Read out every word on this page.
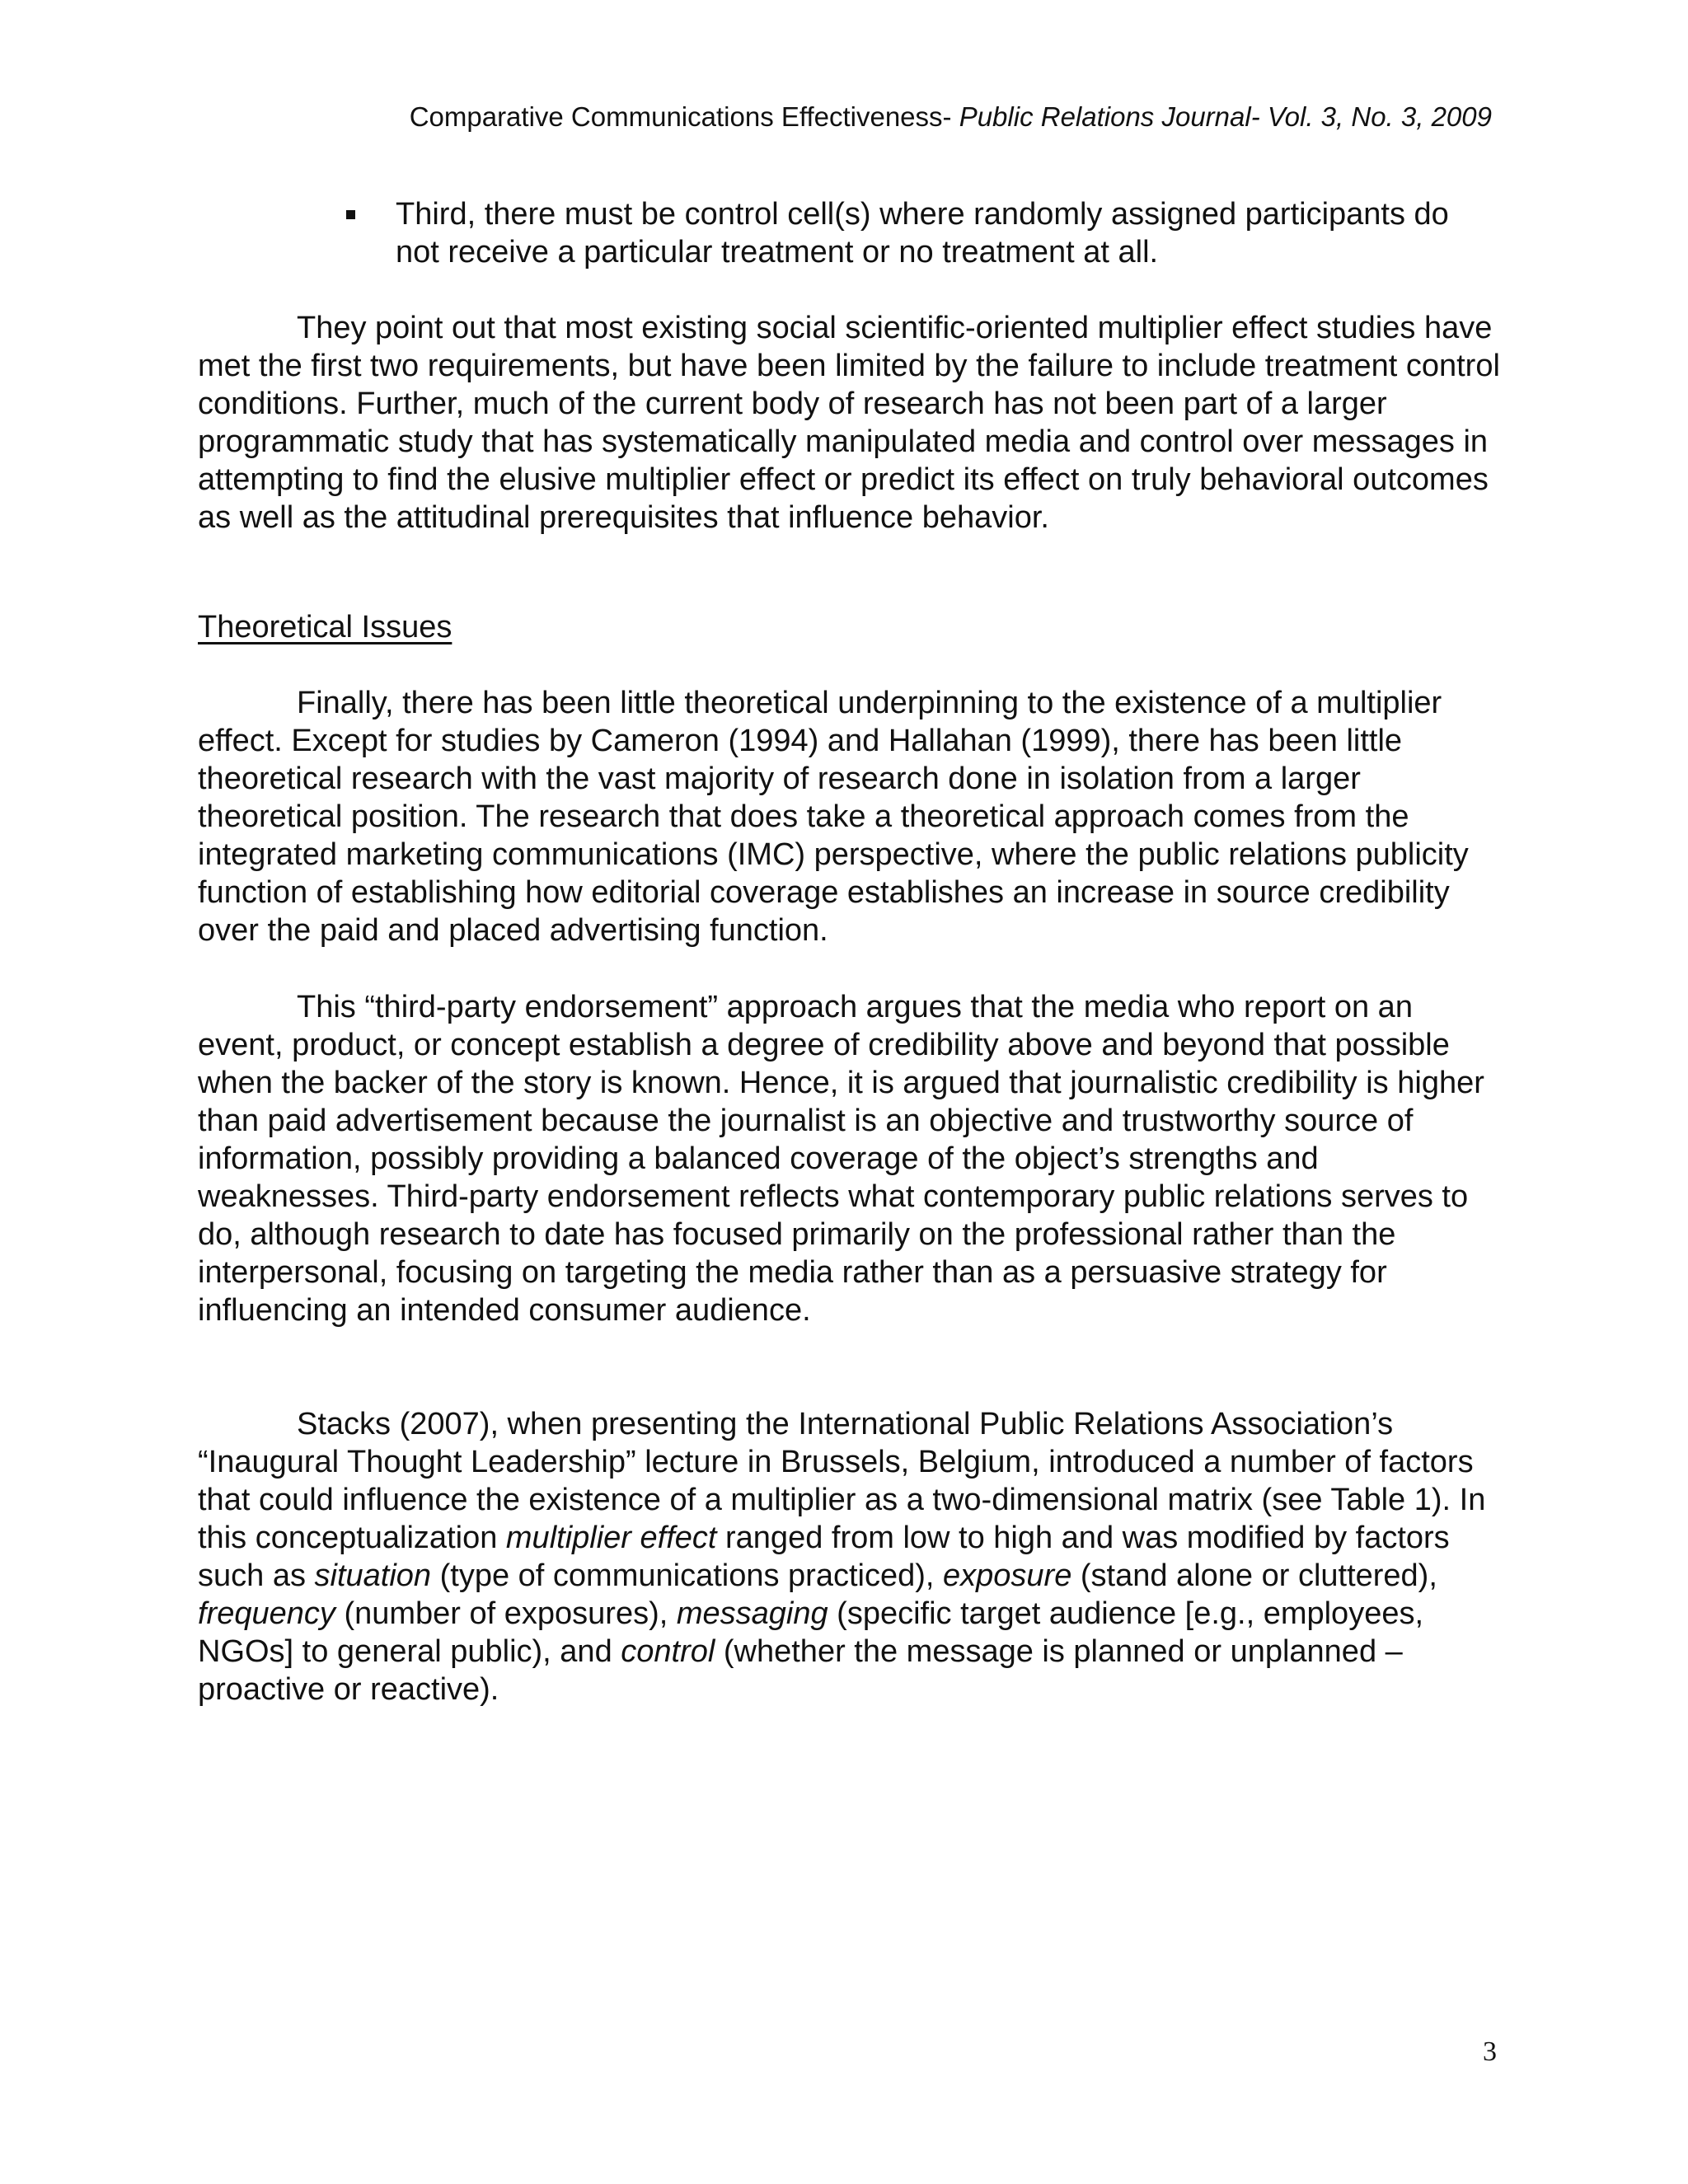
Comparative Communications Effectiveness- Public Relations Journal- Vol. 3, No. 3, 2009

Third, there must be control cell(s) where randomly assigned participants do not receive a particular treatment or no treatment at all.

They point out that most existing social scientific-oriented multiplier effect studies have met the first two requirements, but have been limited by the failure to include treatment control conditions. Further, much of the current body of research has not been part of a larger programmatic study that has systematically manipulated media and control over messages in attempting to find the elusive multiplier effect or predict its effect on truly behavioral outcomes as well as the attitudinal prerequisites that influence behavior.

Theoretical Issues

Finally, there has been little theoretical underpinning to the existence of a multiplier effect. Except for studies by Cameron (1994) and Hallahan (1999), there has been little theoretical research with the vast majority of research done in isolation from a larger theoretical position. The research that does take a theoretical approach comes from the integrated marketing communications (IMC) perspective, where the public relations publicity function of establishing how editorial coverage establishes an increase in source credibility over the paid and placed advertising function.

This “third-party endorsement” approach argues that the media who report on an event, product, or concept establish a degree of credibility above and beyond that possible when the backer of the story is known. Hence, it is argued that journalistic credibility is higher than paid advertisement because the journalist is an objective and trustworthy source of information, possibly providing a balanced coverage of the object’s strengths and weaknesses. Third-party endorsement reflects what contemporary public relations serves to do, although research to date has focused primarily on the professional rather than the interpersonal, focusing on targeting the media rather than as a persuasive strategy for influencing an intended consumer audience.

Stacks (2007), when presenting the International Public Relations Association’s “Inaugural Thought Leadership” lecture in Brussels, Belgium, introduced a number of factors that could influence the existence of a multiplier as a two-dimensional matrix (see Table 1). In this conceptualization multiplier effect ranged from low to high and was modified by factors such as situation (type of communications practiced), exposure (stand alone or cluttered), frequency (number of exposures), messaging (specific target audience [e.g., employees, NGOs] to general public), and control (whether the message is planned or unplanned – proactive or reactive).

3
